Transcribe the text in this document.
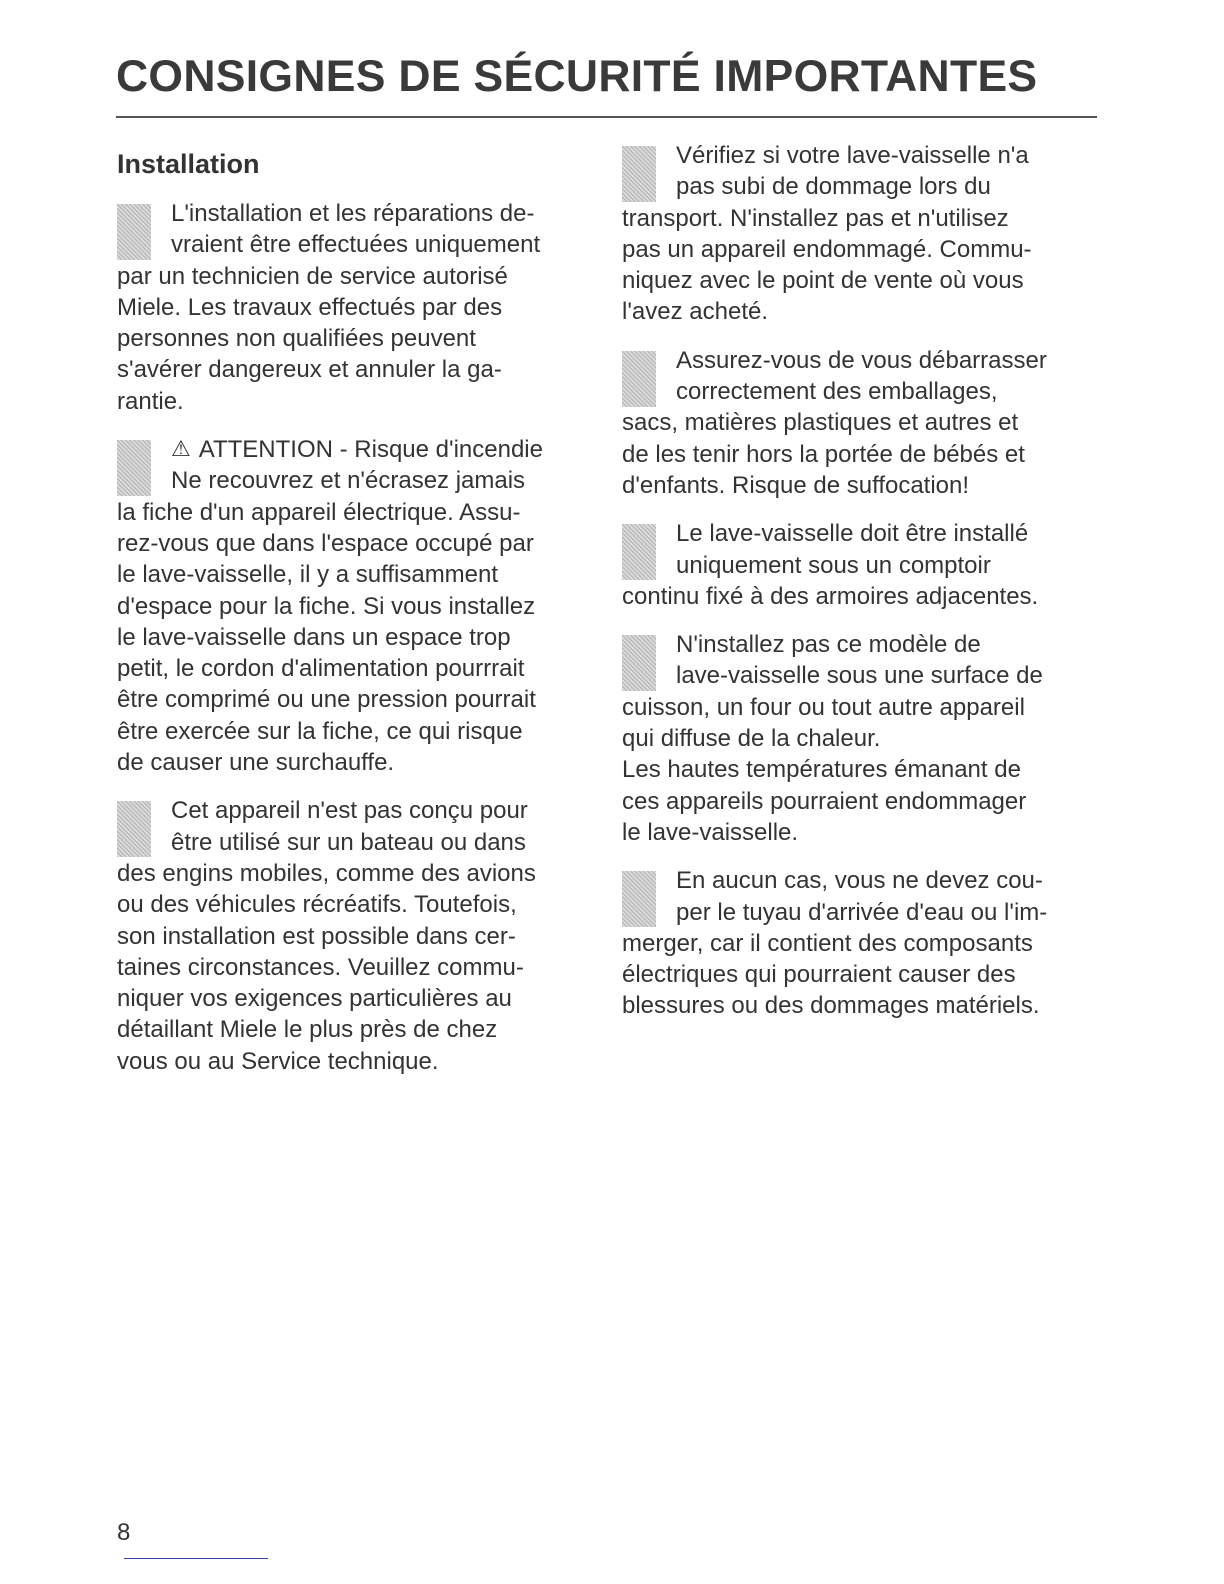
CONSIGNES DE SÉCURITÉ IMPORTANTES
Installation
L'installation et les réparations de-
vraient être effectuées uniquement
par un technicien de service autorisé
Miele. Les travaux effectués par des
personnes non qualifiées peuvent
s'avérer dangereux et annuler la ga-
rantie.
⚠ ATTENTION - Risque d'incendie
Ne recouvrez et n'écrasez jamais
la fiche d'un appareil électrique. Assu-
rez-vous que dans l'espace occupé par
le lave-vaisselle, il y a suffisamment
d'espace pour la fiche. Si vous installez
le lave-vaisselle dans un espace trop
petit, le cordon d'alimentation pourrrait
être comprimé ou une pression pourrait
être exercée sur la fiche, ce qui risque
de causer une surchauffe.
Cet appareil n'est pas conçu pour
être utilisé sur un bateau ou dans
des engins mobiles, comme des avions
ou des véhicules récréatifs. Toutefois,
son installation est possible dans cer-
taines circonstances. Veuillez commu-
niquer vos exigences particulières au
détaillant Miele le plus près de chez
vous ou au Service technique.
Vérifiez si votre lave-vaisselle n'a
pas subi de dommage lors du
transport. N'installez pas et n'utilisez
pas un appareil endommagé. Commu-
niquez avec le point de vente où vous
l'avez acheté.
Assurez-vous de vous débarrasser
correctement des emballages,
sacs, matières plastiques et autres et
de les tenir hors la portée de bébés et
d'enfants. Risque de suffocation!
Le lave-vaisselle doit être installé
uniquement sous un comptoir
continu fixé à des armoires adjacentes.
N'installez pas ce modèle de
lave-vaisselle sous une surface de
cuisson, un four ou tout autre appareil
qui diffuse de la chaleur.
Les hautes températures émanant de
ces appareils pourraient endommager
le lave-vaisselle.
En aucun cas, vous ne devez cou-
per le tuyau d'arrivée d'eau ou l'im-
merger, car il contient des composants
électriques qui pourraient causer des
blessures ou des dommages matériels.
8
